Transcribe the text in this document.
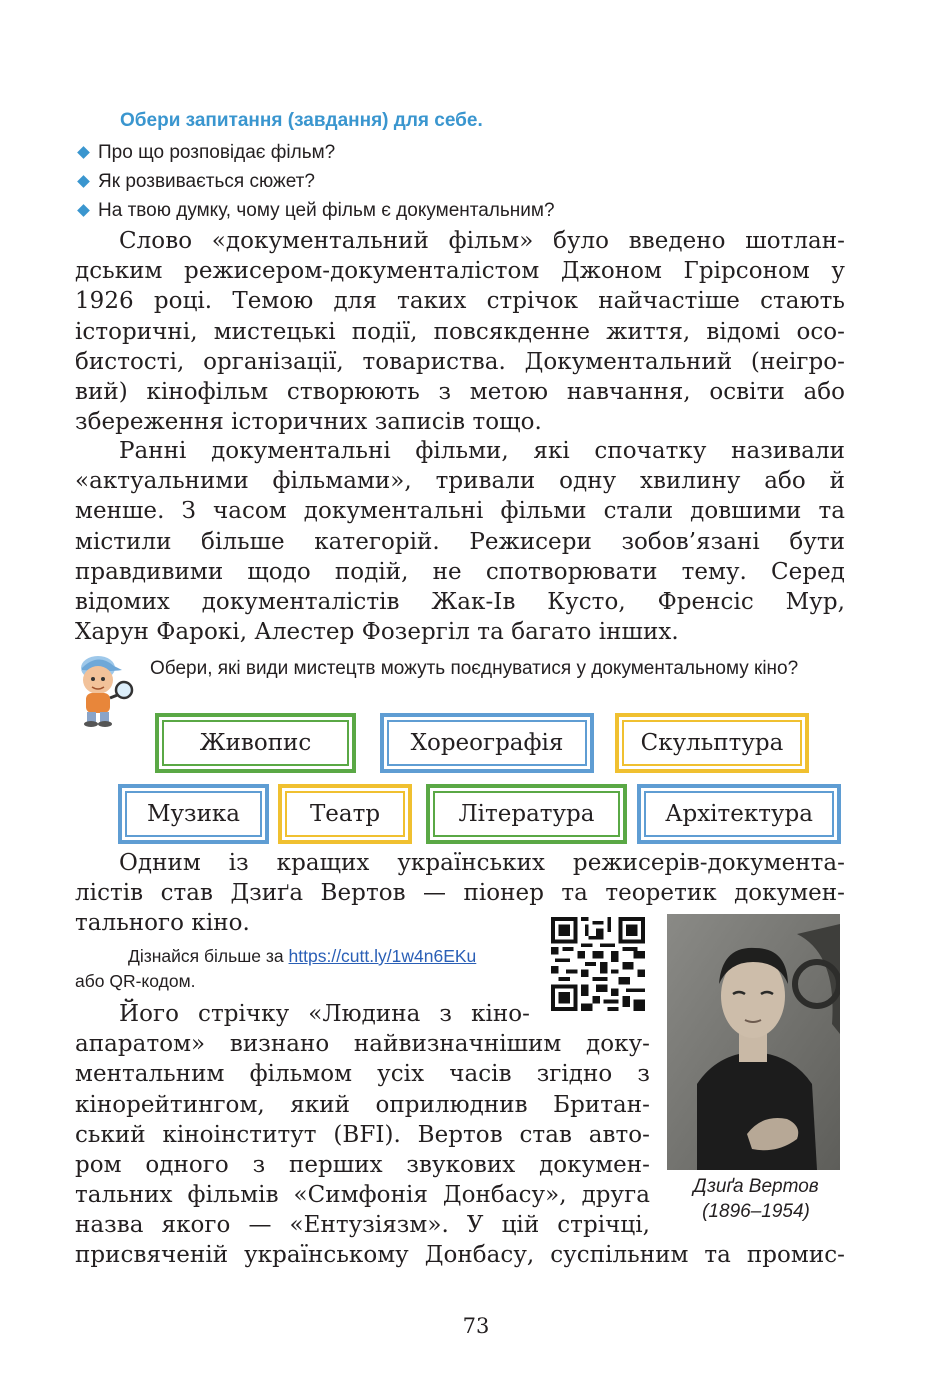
Обери запитання (завдання) для себе.
Про що розповідає фільм?
Як розвивається сюжет?
На твою думку, чому цей фільм є документальним?
Слово «документальний фільм» було введено шотлан-
дським режисером-документалістом Джоном Грірсоном у
1926 році. Темою для таких стрічок найчастіше стають
історичні, мистецькі події, повсякденне життя, відомі осо-
бистості, організації, товариства. Документальний (неігро-
вий) кінофільм створюють з метою навчання, освіти або
збереження історичних записів тощо.
Ранні документальні фільми, які спочатку називали
«актуальними фільмами», тривали одну хвилину або й
менше. З часом документальні фільми стали довшими та
містили більше категорій. Режисери зобов’язані бути
правдивими щодо подій, не спотворювати тему. Серед
відомих документалістів Жак-Ів Кусто, Френсіс Мур,
Харун Фарокі, Алестер Фозергіл та багато інших.
Обери, які види мистецтв можуть поєднуватися у документальному кіно?
Живопис	Хореографія	Скульптура
Музика	Театр	Література	Архітектура
Одним із кращих українських режисерів-документа-
лістів став Дзиґа Вертов — піонер та теоретик докумен-
тального кіно.
Дізнайся більше за https://cutt.ly/1w4n6EKu
або QR-кодом.
Його стрічку «Людина з кіно-
апаратом» визнано найвизначнішим доку-
ментальним фільмом усіх часів згідно з
кінорейтингом, який оприлюднив Британ-
ський кіноінститут (BFI). Вертов став авто-
ром одного з перших звукових докумен-
тальних фільмів «Симфонія Донбасу», друга
назва якого — «Ентузіязм». У цій стрічці,
присвяченій українському Донбасу, суспільним та промис-
Дзиґа Вертов
(1896–1954)
73
